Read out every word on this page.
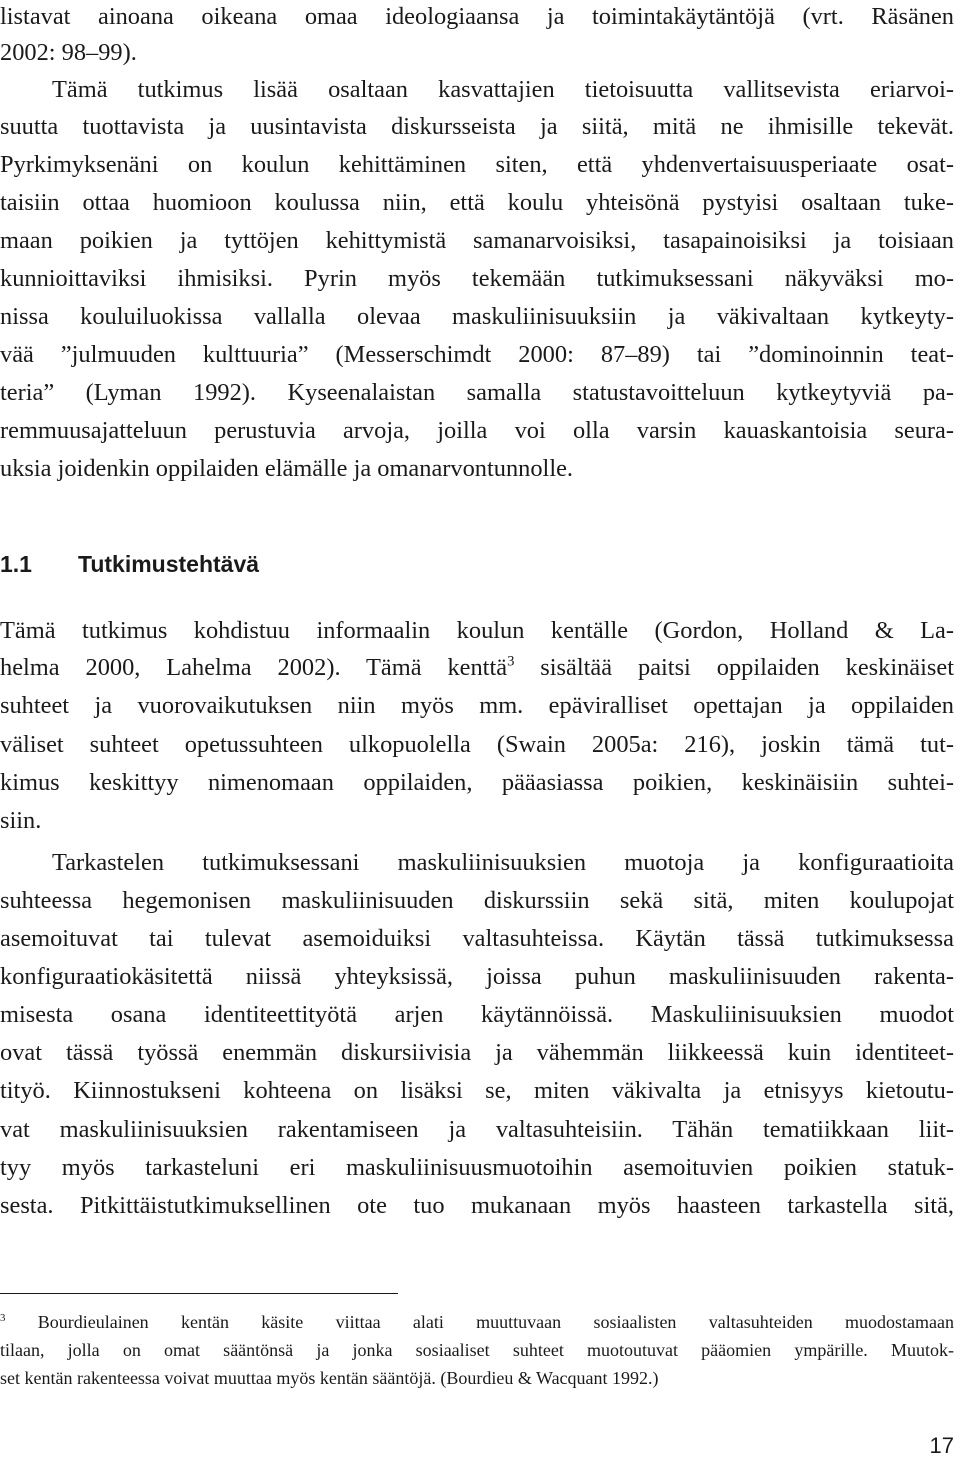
listavat ainoana oikeana omaa ideologiaansa ja toimintakäytäntöjä (vrt. Räsänen
2002: 98–99).
Tämä tutkimus lisää osaltaan kasvattajien tietoisuutta vallitsevista eriarvoi-
suutta tuottavista ja uusintavista diskursseista ja siitä, mitä ne ihmisille tekevät.
Pyrkimyksenäni on koulun kehittäminen siten, että yhdenvertaisuusperiaate osat-
taisiin ottaa huomioon koulussa niin, että koulu yhteisönä pystyisi osaltaan tuke-
maan poikien ja tyttöjen kehittymistä samanarvoisiksi, tasapainoisiksi ja toisiaan
kunnioittaviksi ihmisiksi. Pyrin myös tekemään tutkimuksessani näkyväksi mo-
nissa kouluiluokissa vallalla olevaa maskuliinisuuksiin ja väkivaltaan kytkeyty-
vää ”julmuuden kulttuuria” (Messerschimdt 2000: 87–89) tai ”dominoinnin teat-
teria” (Lyman 1992). Kyseenalaistan samalla statustavoitteluun kytkeytyviä pa-
remmuusajatteluun perustuvia arvoja, joilla voi olla varsin kauaskantoisia seura-
uksia joidenkin oppilaiden elämälle ja omanarvontunnolle.
1.1 Tutkimustehtävä
Tämä tutkimus kohdistuu informaalin koulun kentälle (Gordon, Holland & La-
helma 2000, Lahelma 2002). Tämä kenttä$^3$ sisältää paitsi oppilaiden keskinäiset
suhteet ja vuorovaikutuksen niin myös mm. epäviralliset opettajan ja oppilaiden
väliset suhteet opetussuhteen ulkopuolella (Swain 2005a: 216), joskin tämä tut-
kimus keskittyy nimenomaan oppilaiden, pääasiassa poikien, keskinäisiin suhtei-
siin.
Tarkastelen tutkimuksessani maskuliinisuuksien muotoja ja konfiguraatioita
suhteessa hegemonisen maskuliinisuuden diskurssiin sekä sitä, miten koulupojat
asemoituvat tai tulevat asemoiduiksi valtasuhteissa. Käytän tässä tutkimuksessa
konfiguraatiokäsitettä niissä yhteyksissä, joissa puhun maskuliinisuuden rakenta-
misesta osana identiteettityötä arjen käytännöissä. Maskuliinisuuksien muodot
ovat tässä työssä enemmän diskursiivisia ja vähemmän liikkeessä kuin identiteet-
tityö. Kiinnostukseni kohteena on lisäksi se, miten väkivalta ja etnisyys kietoutu-
vat maskuliinisuuksien rakentamiseen ja valtasuhteisiin. Tähän tematiikkaan liit-
tyy myös tarkasteluni eri maskuliinisuusmuotoihin asemoituvien poikien statuk-
sesta. Pitkittäistutkimuksellinen ote tuo mukanaan myös haasteen tarkastella sitä,
$^3$ Bourdieulainen kentän käsite viittaa alati muuttuvaan sosiaalisten valtasuhteiden muodostamaan
tilaan, jolla on omat sääntönsä ja jonka sosiaaliset suhteet muotoutuvat pääomien ympärille. Muutok-
set kentän rakenteessa voivat muuttaa myös kentän sääntöjä. (Bourdieu & Wacquant 1992.)
17
